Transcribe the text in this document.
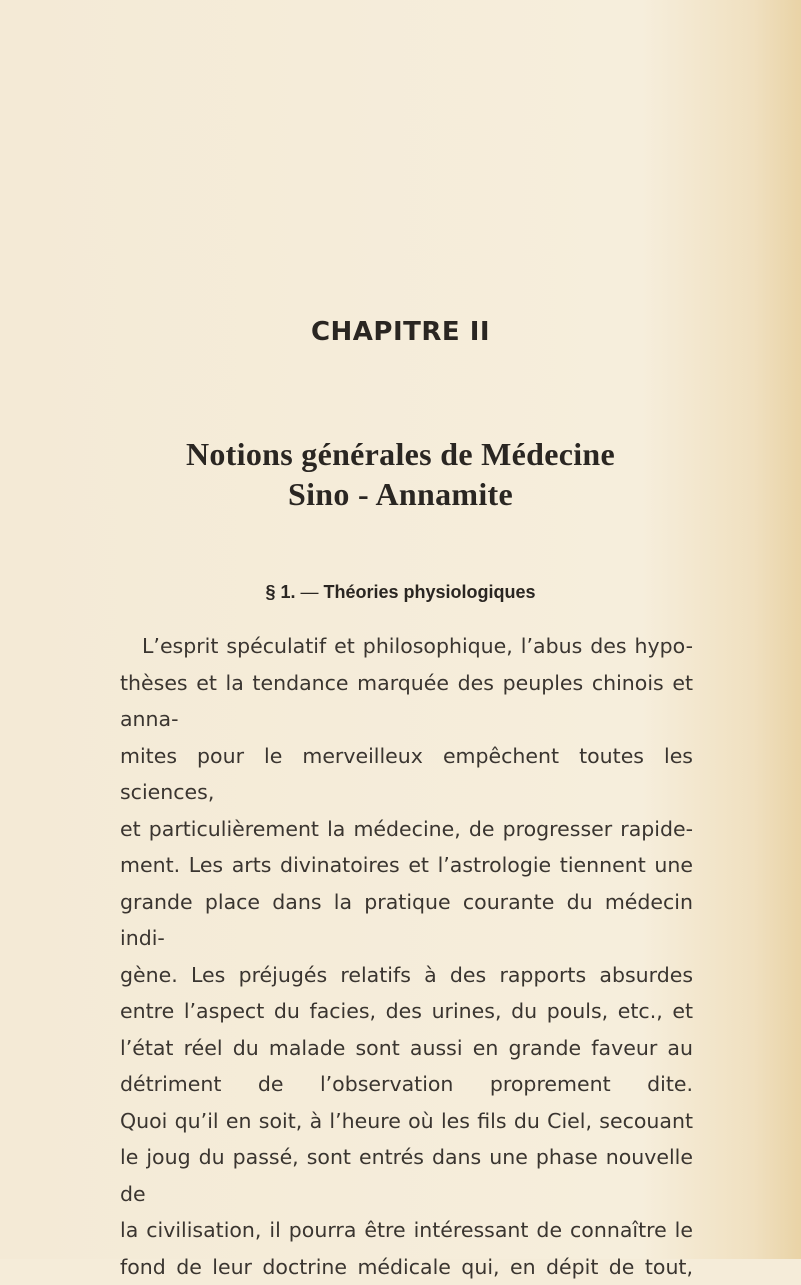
CHAPITRE II
Notions générales de Médecine
Sino - Annamite
§ 1. — Théories physiologiques

L’esprit spéculatif et philosophique, l’abus des hypo-
thèses et la tendance marquée des peuples chinois et anna-
mites pour le merveilleux empêchent toutes les sciences,
et particulièrement la médecine, de progresser rapide-
ment. Les arts divinatoires et l’astrologie tiennent une
grande place dans la pratique courante du médecin indi-
gène. Les préjugés relatifs à des rapports absurdes
entre l’aspect du facies, des urines, du pouls, etc., et
l’état réel du malade sont aussi en grande faveur au
détriment de l’observation proprement dite.

Quoi qu’il en soit, à l’heure où les fils du Ciel, secouant
le joug du passé, sont entrés dans une phase nouvelle de
la civilisation, il pourra être intéressant de connaître le
fond de leur doctrine médicale qui, en dépit de tout,
